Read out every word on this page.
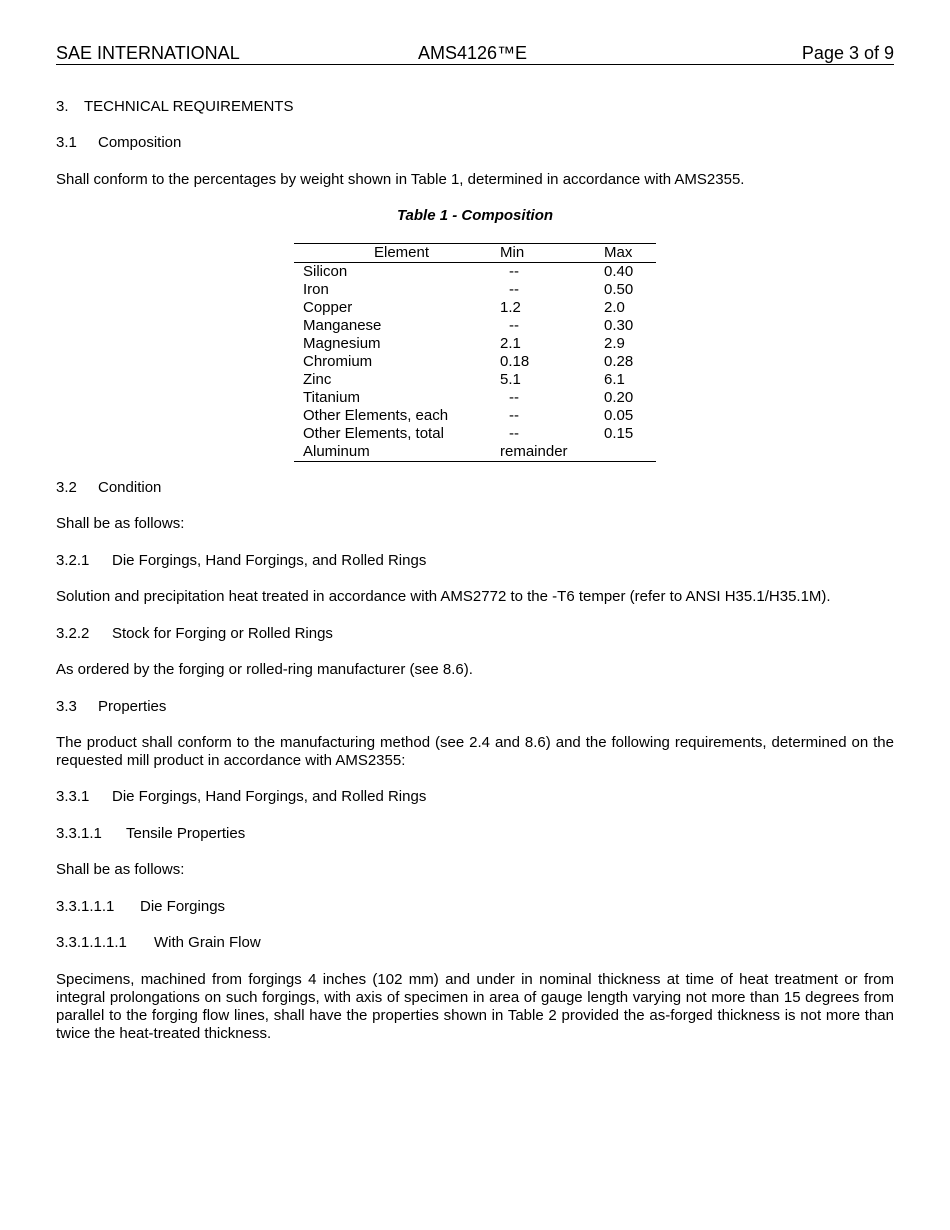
SAE INTERNATIONAL	AMS4126™E	Page 3 of 9
3. TECHNICAL REQUIREMENTS
3.1 Composition
Shall conform to the percentages by weight shown in Table 1, determined in accordance with AMS2355.
Table 1 - Composition
Element	Min	Max
Silicon	--	0.40
Iron	--	0.50
Copper	1.2	2.0
Manganese	--	0.30
Magnesium	2.1	2.9
Chromium	0.18	0.28
Zinc	5.1	6.1
Titanium	--	0.20
Other Elements, each	--	0.05
Other Elements, total	--	0.15
Aluminum	remainder	
3.2 Condition
Shall be as follows:
3.2.1 Die Forgings, Hand Forgings, and Rolled Rings
Solution and precipitation heat treated in accordance with AMS2772 to the -T6 temper (refer to ANSI H35.1/H35.1M).
3.2.2 Stock for Forging or Rolled Rings
As ordered by the forging or rolled-ring manufacturer (see 8.6).
3.3 Properties
The product shall conform to the manufacturing method (see 2.4 and 8.6) and the following requirements, determined on the requested mill product in accordance with AMS2355:
3.3.1 Die Forgings, Hand Forgings, and Rolled Rings
3.3.1.1 Tensile Properties
Shall be as follows:
3.3.1.1.1 Die Forgings
3.3.1.1.1.1 With Grain Flow
Specimens, machined from forgings 4 inches (102 mm) and under in nominal thickness at time of heat treatment or from integral prolongations on such forgings, with axis of specimen in area of gauge length varying not more than 15 degrees from parallel to the forging flow lines, shall have the properties shown in Table 2 provided the as-forged thickness is not more than twice the heat-treated thickness.
